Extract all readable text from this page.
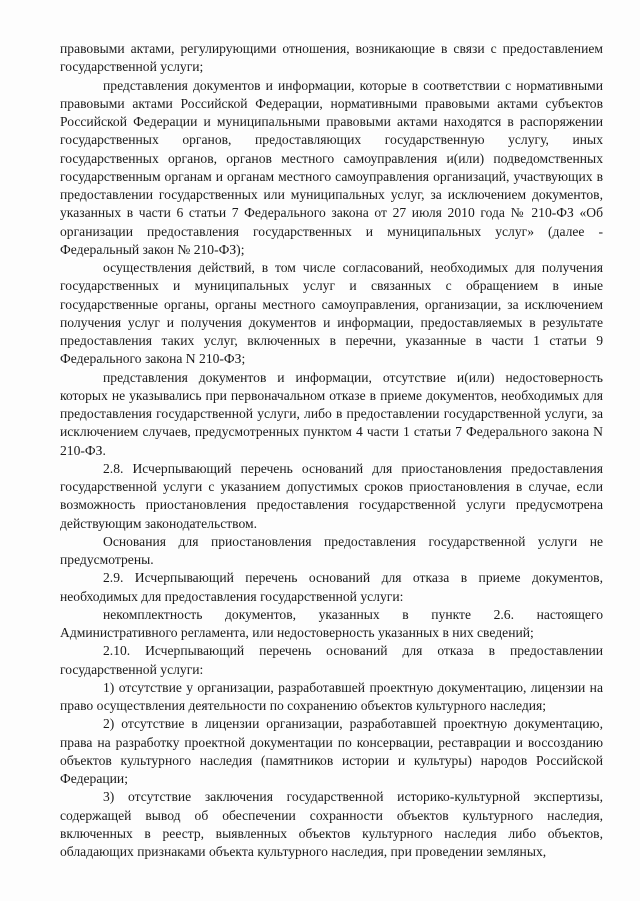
правовыми актами, регулирующими отношения, возникающие в связи с предоставлением государственной услуги;

представления документов и информации, которые в соответствии с нормативными правовыми актами Российской Федерации, нормативными правовыми актами субъектов Российской Федерации и муниципальными правовыми актами находятся в распоряжении государственных органов, предоставляющих государственную услугу, иных государственных органов, органов местного самоуправления и(или) подведомственных государственным органам и органам местного самоуправления организаций, участвующих в предоставлении государственных или муниципальных услуг, за исключением документов, указанных в части 6 статьи 7 Федерального закона от 27 июля 2010 года № 210-ФЗ «Об организации предоставления государственных и муниципальных услуг» (далее - Федеральный закон № 210-ФЗ);

осуществления действий, в том числе согласований, необходимых для получения государственных и муниципальных услуг и связанных с обращением в иные государственные органы, органы местного самоуправления, организации, за исключением получения услуг и получения документов и информации, предоставляемых в результате предоставления таких услуг, включенных в перечни, указанные в части 1 статьи 9 Федерального закона N 210-ФЗ;

представления документов и информации, отсутствие и(или) недостоверность которых не указывались при первоначальном отказе в приеме документов, необходимых для предоставления государственной услуги, либо в предоставлении государственной услуги, за исключением случаев, предусмотренных пунктом 4 части 1 статьи 7 Федерального закона N 210-ФЗ.

2.8. Исчерпывающий перечень оснований для приостановления предоставления государственной услуги с указанием допустимых сроков приостановления в случае, если возможность приостановления предоставления государственной услуги предусмотрена действующим законодательством.

Основания для приостановления предоставления государственной услуги не предусмотрены.

2.9. Исчерпывающий перечень оснований для отказа в приеме документов, необходимых для предоставления государственной услуги:

некомплектность документов, указанных в пункте 2.6. настоящего Административного регламента, или недостоверность указанных в них сведений;

2.10. Исчерпывающий перечень оснований для отказа в предоставлении государственной услуги:

1) отсутствие у организации, разработавшей проектную документацию, лицензии на право осуществления деятельности по сохранению объектов культурного наследия;

2) отсутствие в лицензии организации, разработавшей проектную документацию, права на разработку проектной документации по консервации, реставрации и воссозданию объектов культурного наследия (памятников истории и культуры) народов Российской Федерации;

3) отсутствие заключения государственной историко-культурной экспертизы, содержащей вывод об обеспечении сохранности объектов культурного наследия, включенных в реестр, выявленных объектов культурного наследия либо объектов, обладающих признаками объекта культурного наследия, при проведении земляных,
